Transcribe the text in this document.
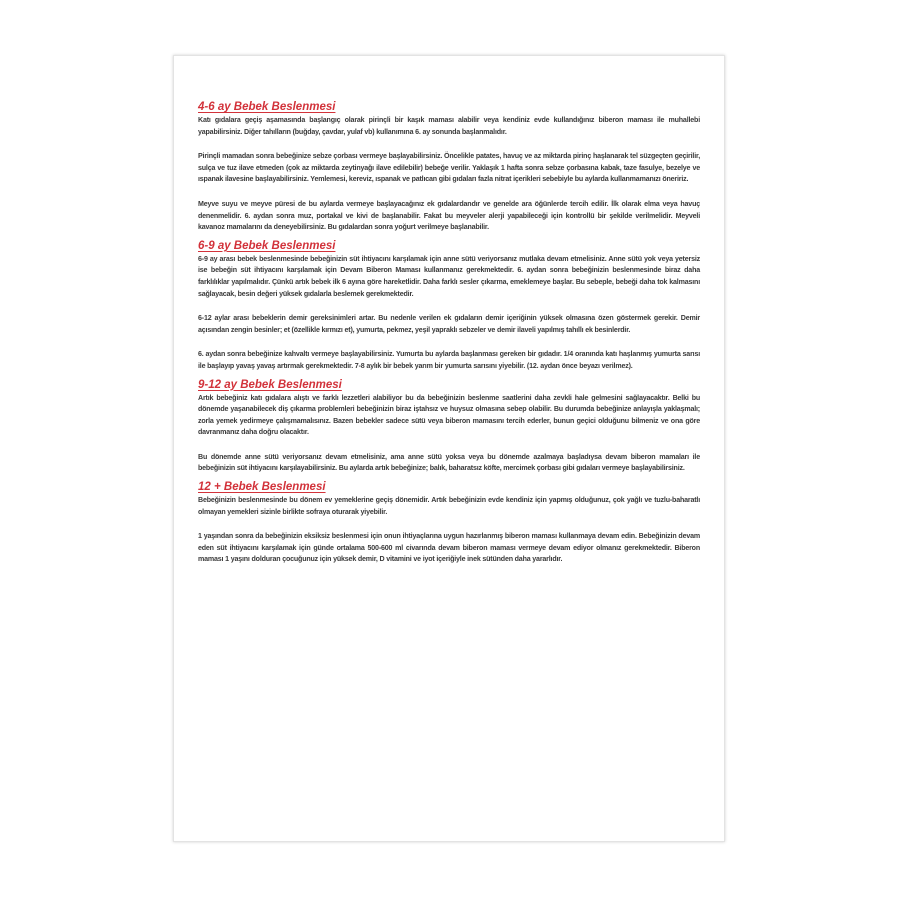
4-6 ay Bebek Beslenmesi

Katı gıdalara geçiş aşamasında başlangıç olarak pirinçli bir kaşık maması alabilir veya kendiniz evde kullandığınız biberon maması ile muhallebi yapabilirsiniz. Diğer tahılların (buğday, çavdar, yulaf vb) kullanımına 6. ay sonunda başlanmalıdır.

Pirinçli mamadan sonra bebeğinize sebze çorbası vermeye başlayabilirsiniz. Öncelikle patates, havuç ve az miktarda pirinç haşlanarak tel süzgeçten geçirilir, sulça ve tuz ilave etmeden (çok az miktarda zeytinyağı ilave edilebilir) bebeğe verilir. Yaklaşık 1 hafta sonra sebze çorbasına kabak, taze fasulye, bezelye ve ıspanak ilavesine başlayabilirsiniz. Yemlemesi, kereviz, ıspanak ve patlıcan gibi gıdaları fazla nitrat içerikleri sebebiyle bu aylarda kullanmamanızı öneririz.

Meyve suyu ve meyve püresi de bu aylarda vermeye başlayacağınız ek gıdalardandır ve genelde ara öğünlerde tercih edilir. İlk olarak elma veya havuç denenmelidir. 6. aydan sonra muz, portakal ve kivi de başlanabilir. Fakat bu meyveler alerji yapabileceği için kontrollü bir şekilde verilmelidir. Meyveli kavanoz mamalarını da deneyebilirsiniz. Bu gıdalardan sonra yoğurt verilmeye başlanabilir.

6-9 ay Bebek Beslenmesi

6-9 ay arası bebek beslenmesinde bebeğinizin süt ihtiyacını karşılamak için anne sütü veriyorsanız mutlaka devam etmelisiniz. Anne sütü yok veya yetersiz ise bebeğin süt ihtiyacını karşılamak için Devam Biberon Maması kullanmanız gerekmektedir. 6. aydan sonra bebeğinizin beslenmesinde biraz daha farklılıklar yapılmalıdır. Çünkü artık bebek ilk 6 ayına göre hareketlidir. Daha farklı sesler çıkarma, emeklemeye başlar. Bu sebeple, bebeği daha tok kalmasını sağlayacak, besin değeri yüksek gıdalarla beslemek gerekmektedir.

6-12 aylar arası bebeklerin demir gereksinimleri artar. Bu nedenle verilen ek gıdaların demir içeriğinin yüksek olmasına özen göstermek gerekir. Demir açısından zengin besinler; et (özellikle kırmızı et), yumurta, pekmez, yeşil yapraklı sebzeler ve demir ilaveli yapılmış tahıllı ek besinlerdir.

6. aydan sonra bebeğinize kahvaltı vermeye başlayabilirsiniz. Yumurta bu aylarda başlanması gereken bir gıdadır. 1/4 oranında katı haşlanmış yumurta sarısı ile başlayıp yavaş yavaş artırmak gerekmektedir. 7-8 aylık bir bebek yarım bir yumurta sarısını yiyebilir. (12. aydan önce beyazı verilmez).

9-12 ay Bebek Beslenmesi

Artık bebeğiniz katı gıdalara alıştı ve farklı lezzetleri alabiliyor bu da bebeğinizin beslenme saatlerini daha zevkli hale gelmesini sağlayacaktır. Belki bu dönemde yaşanabilecek diş çıkarma problemleri bebeğinizin biraz iştahsız ve huysuz olmasına sebep olabilir. Bu durumda bebeğinize anlayışla yaklaşmalı; zorla yemek yedirmeye çalışmamalısınız. Bazen bebekler sadece sütü veya biberon mamasını tercih ederler, bunun geçici olduğunu bilmeniz ve ona göre davranmanız daha doğru olacaktır.

Bu dönemde anne sütü veriyorsanız devam etmelisiniz, ama anne sütü yoksa veya bu dönemde azalmaya başladıysa devam biberon mamaları ile bebeğinizin süt ihtiyacını karşılayabilirsiniz. Bu aylarda artık bebeğinize; balık, baharatsız köfte, mercimek çorbası gibi gıdaları vermeye başlayabilirsiniz.

12 + Bebek Beslenmesi

Bebeğinizin beslenmesinde bu dönem ev yemeklerine geçiş dönemidir. Artık bebeğinizin evde kendiniz için yapmış olduğunuz, çok yağlı ve tuzlu-baharatlı olmayan yemekleri sizinle birlikte sofraya oturarak yiyebilir.

1 yaşından sonra da bebeğinizin eksiksiz beslenmesi için onun ihtiyaçlarına uygun hazırlanmış biberon maması kullanmaya devam edin. Bebeğinizin devam eden süt ihtiyacını karşılamak için günde ortalama 500-600 ml civarında devam biberon maması vermeye devam ediyor olmanız gerekmektedir. Biberon maması 1 yaşını dolduran çocuğunuz için yüksek demir, D vitamini ve iyot içeriğiyle inek sütünden daha yararlıdır.
